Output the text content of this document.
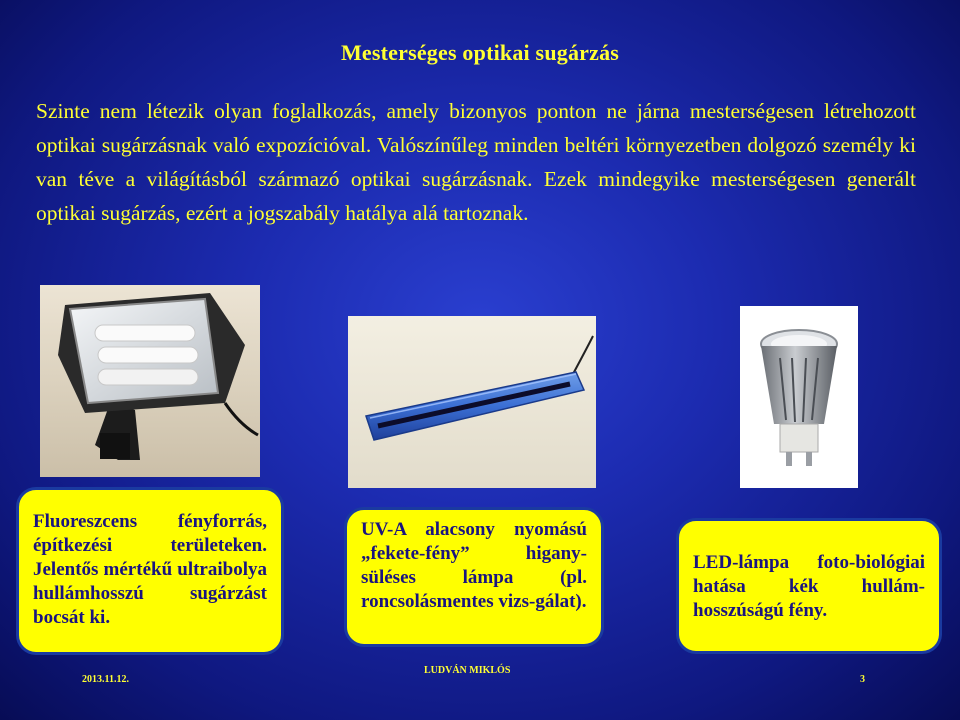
Mesterséges optikai sugárzás

Szinte nem létezik olyan foglalkozás, amely bizonyos ponton ne járna mesterségesen létrehozott optikai sugárzásnak való expozícióval. Valószínűleg minden beltéri környezetben dolgozó személy ki van téve a világításból származó optikai sugárzásnak. Ezek mindegyike mesterségesen generált optikai sugárzás, ezért a jogszabály hatálya alá tartoznak.

Fluoreszcens fényforrás, építkezési területeken. Jelentős mértékű ultraibolya hullámhosszú sugárzást bocsát ki.

UV-A alacsony nyomású „fekete-fény” higany-süléses lámpa (pl. roncsolásmentes vizs-gálat).

LED-lámpa foto-biológiai hatása kék hullám-hosszúságú fény.

2013.11.12.
LUDVÁN MIKLÓS
3
